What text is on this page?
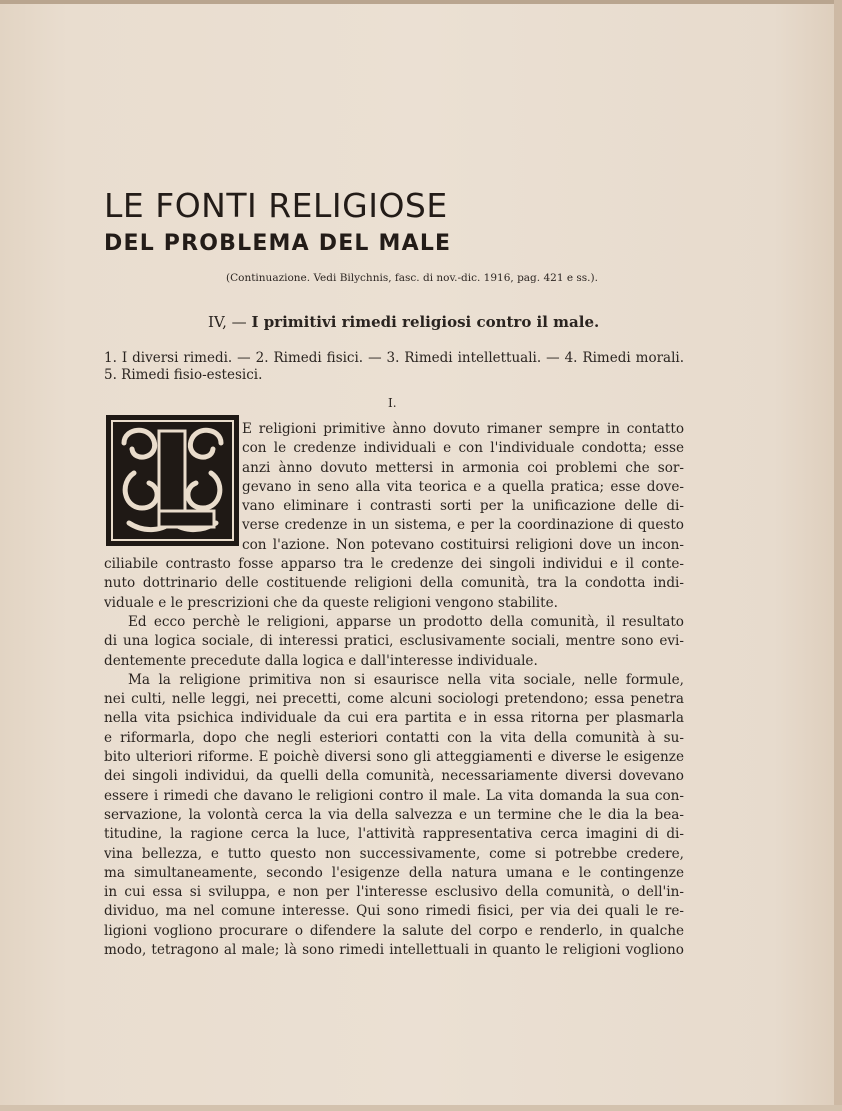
LE FONTI RELIGIOSE
DEL PROBLEMA DEL MALE
(Continuazione. Vedi Bilychnis, fasc. di nov.-dic. 1916, pag. 421 e ss.).
IV, — I primitivi rimedi religiosi contro il male.
1. I diversi rimedi. — 2. Rimedi fisici. — 3. Rimedi intellettuali. — 4. Rimedi morali.
5. Rimedi fisio-estesici.
I.
L
E religioni primitive ànno dovuto rimaner sempre in contatto
con le credenze individuali e con l'individuale condotta; esse
anzi ànno dovuto mettersi in armonia coi problemi che sor-
gevano in seno alla vita teorica e a quella pratica; esse dove-
vano eliminare i contrasti sorti per la unificazione delle di-
verse credenze in un sistema, e per la coordinazione di questo
con l'azione. Non potevano costituirsi religioni dove un incon-
ciliabile contrasto fosse apparso tra le credenze dei singoli individui e il conte-
nuto dottrinario delle costituende religioni della comunità, tra la condotta indi-
viduale e le prescrizioni che da queste religioni vengono stabilite.
Ed ecco perchè le religioni, apparse un prodotto della comunità, il resultato
di una logica sociale, di interessi pratici, esclusivamente sociali, mentre sono evi-
dentemente precedute dalla logica e dall'interesse individuale.
Ma la religione primitiva non si esaurisce nella vita sociale, nelle formule,
nei culti, nelle leggi, nei precetti, come alcuni sociologi pretendono; essa penetra
nella vita psichica individuale da cui era partita e in essa ritorna per plasmarla
e riformarla, dopo che negli esteriori contatti con la vita della comunità à su-
bito ulteriori riforme. E poichè diversi sono gli atteggiamenti e diverse le esigenze
dei singoli individui, da quelli della comunità, necessariamente diversi dovevano
essere i rimedi che davano le religioni contro il male. La vita domanda la sua con-
servazione, la volontà cerca la via della salvezza e un termine che le dia la bea-
titudine, la ragione cerca la luce, l'attività rappresentativa cerca imagini di di-
vina bellezza, e tutto questo non successivamente, come si potrebbe credere,
ma simultaneamente, secondo l'esigenze della natura umana e le contingenze
in cui essa si sviluppa, e non per l'interesse esclusivo della comunità, o dell'in-
dividuo, ma nel comune interesse. Qui sono rimedi fisici, per via dei quali le re-
ligioni vogliono procurare o difendere la salute del corpo e renderlo, in qualche
modo, tetragono al male; là sono rimedi intellettuali in quanto le religioni vogliono
